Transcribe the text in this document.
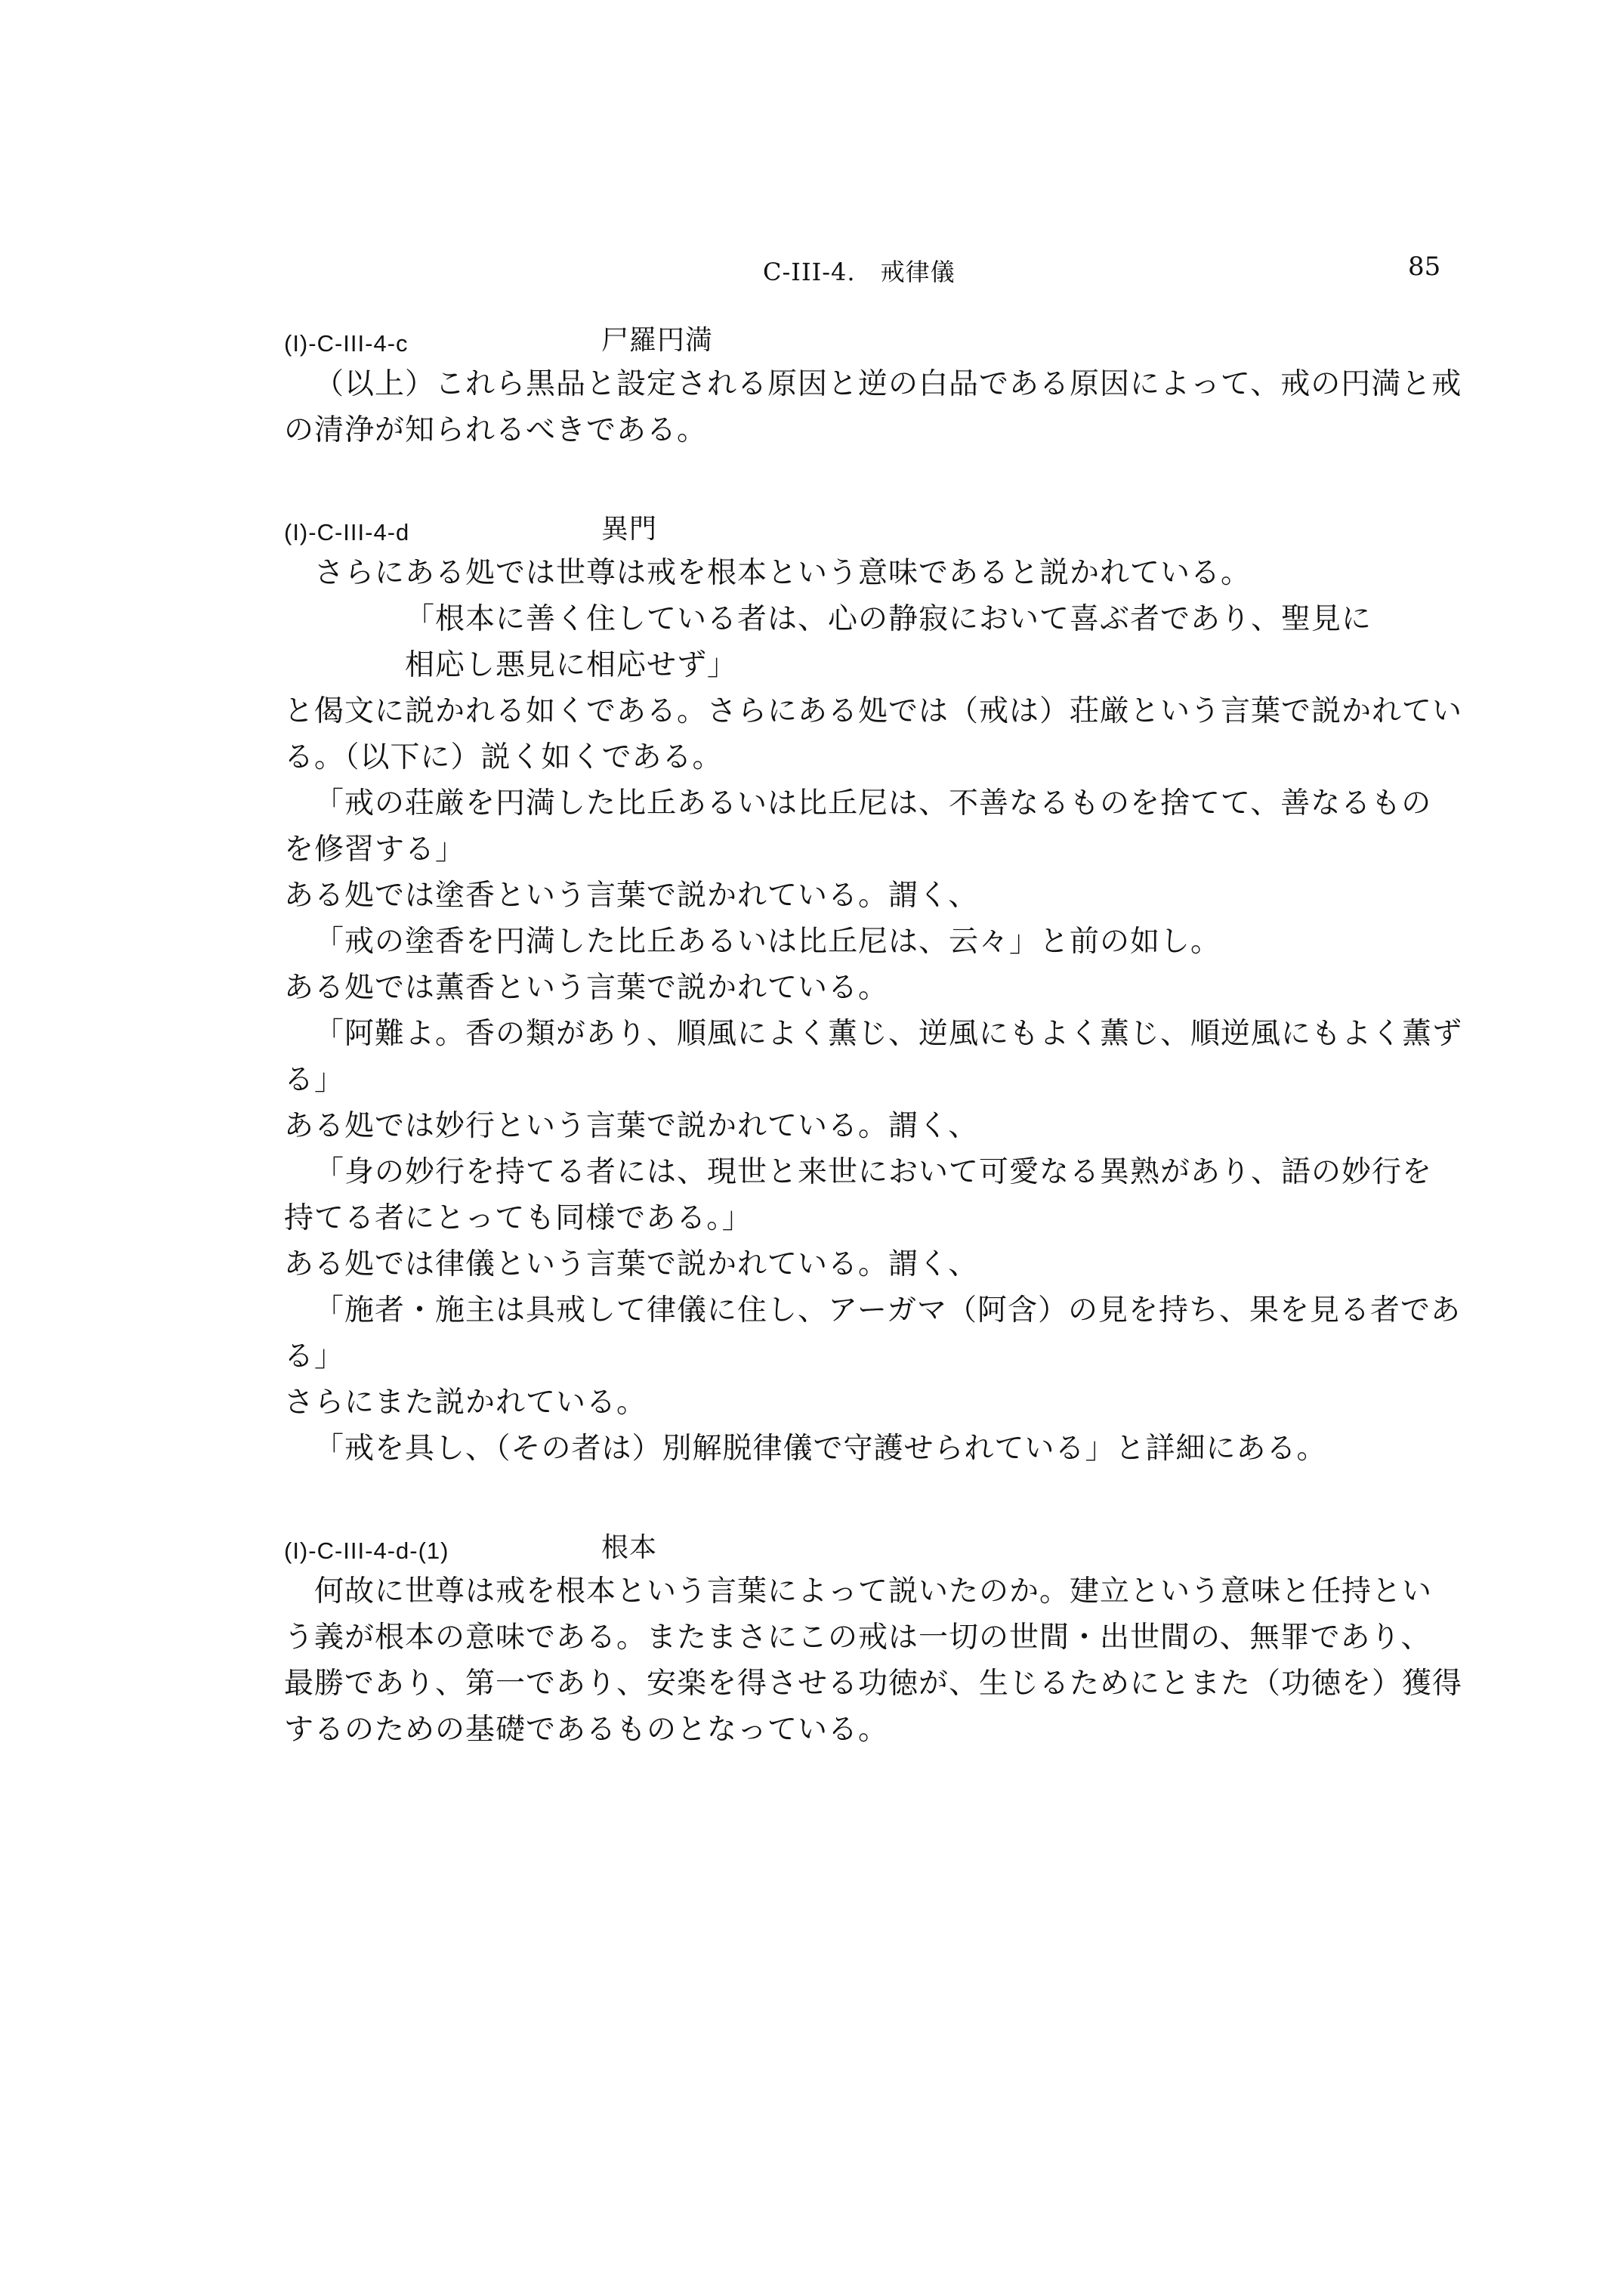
C-III-4.　戒律儀	85
(I)-C-III-4-c	尸羅円満
（以上）これら黒品と設定される原因と逆の白品である原因によって、戒の円満と戒
の清浄が知られるべきである。
(I)-C-III-4-d	異門
さらにある処では世尊は戒を根本という意味であると説かれている。
「根本に善く住している者は、心の静寂において喜ぶ者であり、聖見に
相応し悪見に相応せず」
と偈文に説かれる如くである。さらにある処では（戒は）荘厳という言葉で説かれてい
る。（以下に）説く如くである。
「戒の荘厳を円満した比丘あるいは比丘尼は、不善なるものを捨てて、善なるもの
を修習する」
ある処では塗香という言葉で説かれている。謂く、
「戒の塗香を円満した比丘あるいは比丘尼は、云々」と前の如し。
ある処では薫香という言葉で説かれている。
「阿難よ。香の類があり、順風によく薫じ、逆風にもよく薫じ、順逆風にもよく薫ず
る」
ある処では妙行という言葉で説かれている。謂く、
「身の妙行を持てる者には、現世と来世において可愛なる異熟があり、語の妙行を
持てる者にとっても同様である。」
ある処では律儀という言葉で説かれている。謂く、
「施者・施主は具戒して律儀に住し、アーガマ（阿含）の見を持ち、果を見る者であ
る」
さらにまた説かれている。
「戒を具し、（その者は）別解脱律儀で守護せられている」と詳細にある。
(I)-C-III-4-d-(1)	根本
何故に世尊は戒を根本という言葉によって説いたのか。建立という意味と任持とい
う義が根本の意味である。またまさにこの戒は一切の世間・出世間の、無罪であり、
最勝であり、第一であり、安楽を得させる功徳が、生じるためにとまた（功徳を）獲得
するのための基礎であるものとなっている。
